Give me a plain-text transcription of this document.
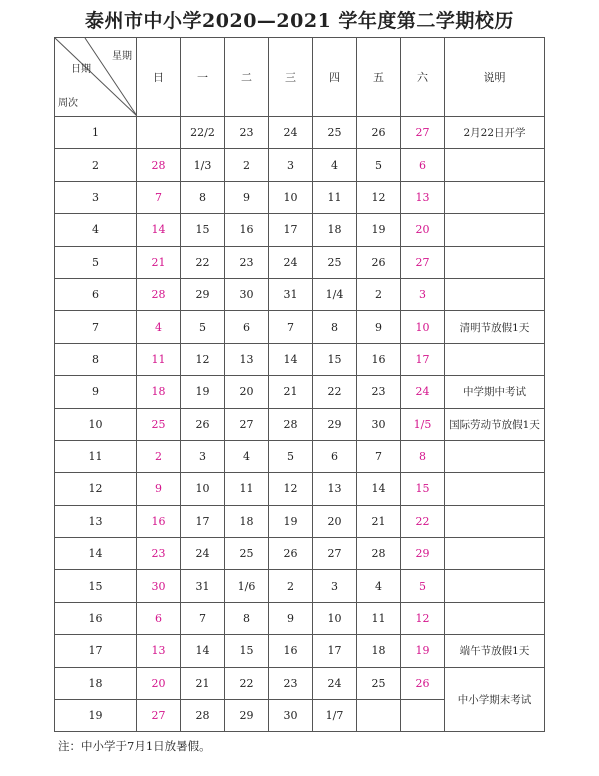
泰州市中小学2020—2021 学年度第二学期校历
星期
日期
周次	日	一	二	三	四	五	六	说明
1		22/2	23	24	25	26	27	2月22日开学
2	28	1/3	2	3	4	5	6	
3	7	8	9	10	11	12	13	
4	14	15	16	17	18	19	20	
5	21	22	23	24	25	26	27	
6	28	29	30	31	1/4	2	3	
7	4	5	6	7	8	9	10	清明节放假1天
8	11	12	13	14	15	16	17	
9	18	19	20	21	22	23	24	中学期中考试
10	25	26	27	28	29	30	1/5	国际劳动节放假1天
11	2	3	4	5	6	7	8	
12	9	10	11	12	13	14	15	
13	16	17	18	19	20	21	22	
14	23	24	25	26	27	28	29	
15	30	31	1/6	2	3	4	5	
16	6	7	8	9	10	11	12	
17	13	14	15	16	17	18	19	端午节放假1天
18	20	21	22	23	24	25	26	中小学期末考试
19	27	28	29	30	1/7			
注：中小学于7月1日放暑假。
